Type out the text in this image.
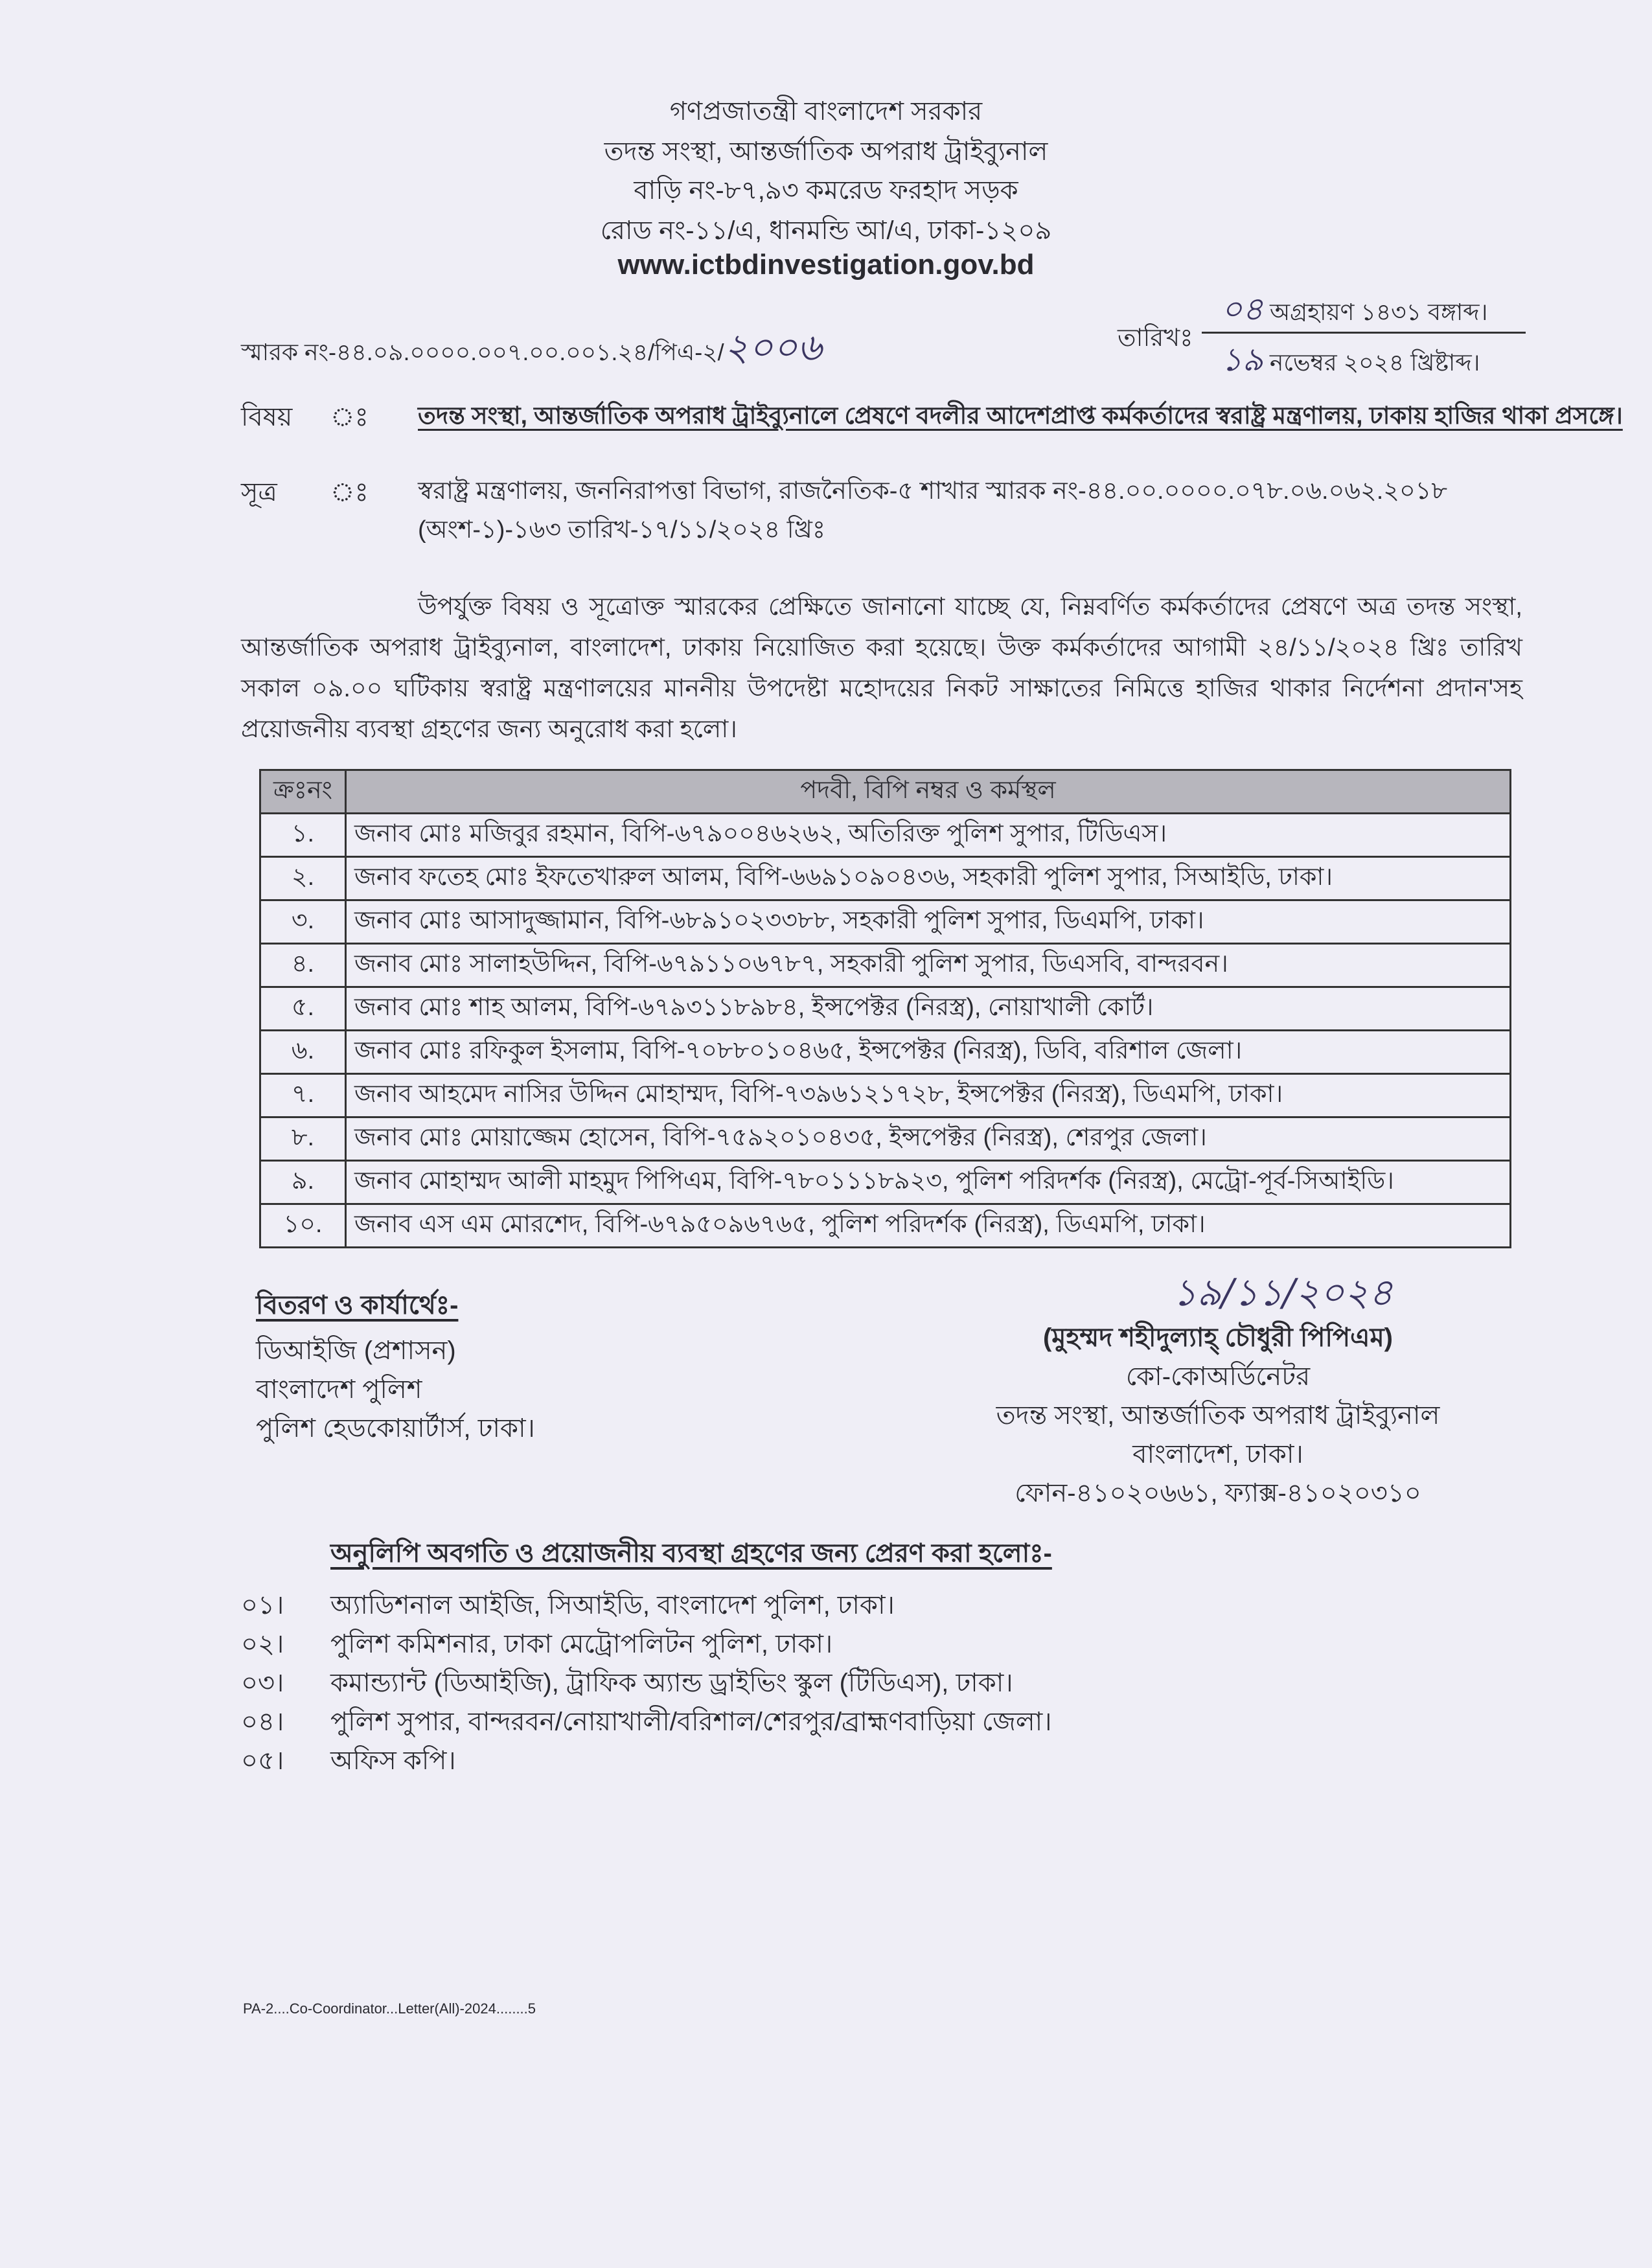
গণপ্রজাতন্ত্রী বাংলাদেশ সরকার
তদন্ত সংস্থা, আন্তর্জাতিক অপরাধ ট্রাইব্যুনাল
বাড়ি নং-৮৭,৯৩ কমরেড ফরহাদ সড়ক
রোড নং-১১/এ, ধানমন্ডি আ/এ, ঢাকা-১২০৯
www.ictbdinvestigation.gov.bd
স্মারক নং-৪৪.০৯.০০০০.০০৭.০০.০০১.২৪/পিএ-২/২০০৬	তারিখঃ
০৪ অগ্রহায়ণ ১৪৩১ বঙ্গাব্দ।
১৯ নভেম্বর ২০২৪ খ্রিষ্টাব্দ।
বিষয় ঃ তদন্ত সংস্থা, আন্তর্জাতিক অপরাধ ট্রাইব্যুনালে প্রেষণে বদলীর আদেশপ্রাপ্ত কর্মকর্তাদের স্বরাষ্ট্র মন্ত্রণালয়, ঢাকায় হাজির থাকা প্রসঙ্গে।
সূত্র ঃ স্বরাষ্ট্র মন্ত্রণালয়, জননিরাপত্তা বিভাগ, রাজনৈতিক-৫ শাখার স্মারক নং-৪৪.০০.০০০০.০৭৮.০৬.০৬২.২০১৮
(অংশ-১)-১৬৩ তারিখ-১৭/১১/২০২৪ খ্রিঃ
উপর্যুক্ত বিষয় ও সূত্রোক্ত স্মারকের প্রেক্ষিতে জানানো যাচ্ছে যে, নিম্নবর্ণিত কর্মকর্তাদের প্রেষণে অত্র তদন্ত সংস্থা, আন্তর্জাতিক অপরাধ ট্রাইব্যুনাল, বাংলাদেশ, ঢাকায় নিয়োজিত করা হয়েছে। উক্ত কর্মকর্তাদের আগামী ২৪/১১/২০২৪ খ্রিঃ তারিখ সকাল ০৯.০০ ঘটিকায় স্বরাষ্ট্র মন্ত্রণালয়ের মাননীয় উপদেষ্টা মহোদয়ের নিকট সাক্ষাতের নিমিত্তে হাজির থাকার নির্দেশনা প্রদান'সহ প্রয়োজনীয় ব্যবস্থা গ্রহণের জন্য অনুরোধ করা হলো।
ক্রঃনং	পদবী, বিপি নম্বর ও কর্মস্থল
১.	জনাব মোঃ মজিবুর রহমান, বিপি-৬৭৯০০৪৬২৬২, অতিরিক্ত পুলিশ সুপার, টিডিএস।
২.	জনাব ফতেহ মোঃ ইফতেখারুল আলম, বিপি-৬৬৯১০৯০৪৩৬, সহকারী পুলিশ সুপার, সিআইডি, ঢাকা।
৩.	জনাব মোঃ আসাদুজ্জামান, বিপি-৬৮৯১০২৩৩৮৮, সহকারী পুলিশ সুপার, ডিএমপি, ঢাকা।
৪.	জনাব মোঃ সালাহউদ্দিন, বিপি-৬৭৯১১০৬৭৮৭, সহকারী পুলিশ সুপার, ডিএসবি, বান্দরবন।
৫.	জনাব মোঃ শাহ আলম, বিপি-৬৭৯৩১১৮৯৮৪, ইন্সপেক্টর (নিরস্ত্র), নোয়াখালী কোর্ট।
৬.	জনাব মোঃ রফিকুল ইসলাম, বিপি-৭০৮৮০১০৪৬৫, ইন্সপেক্টর (নিরস্ত্র), ডিবি, বরিশাল জেলা।
৭.	জনাব আহমেদ নাসির উদ্দিন মোহাম্মদ, বিপি-৭৩৯৬১২১৭২৮, ইন্সপেক্টর (নিরস্ত্র), ডিএমপি, ঢাকা।
৮.	জনাব মোঃ মোয়াজ্জেম হোসেন, বিপি-৭৫৯২০১০৪৩৫, ইন্সপেক্টর (নিরস্ত্র), শেরপুর জেলা।
৯.	জনাব মোহাম্মদ আলী মাহমুদ পিপিএম, বিপি-৭৮০১১১৮৯২৩, পুলিশ পরিদর্শক (নিরস্ত্র), মেট্রো-পূর্ব-সিআইডি।
১০.	জনাব এস এম মোরশেদ, বিপি-৬৭৯৫০৯৬৭৬৫, পুলিশ পরিদর্শক (নিরস্ত্র), ডিএমপি, ঢাকা।
বিতরণ ও কার্যার্থেঃ-
ডিআইজি (প্রশাসন)
বাংলাদেশ পুলিশ
পুলিশ হেডকোয়ার্টার্স, ঢাকা।
১৯/১১/২০২৪
(মুহম্মদ শহীদুল্যাহ্ চৌধুরী পিপিএম)
কো-কোঅর্ডিনেটর
তদন্ত সংস্থা, আন্তর্জাতিক অপরাধ ট্রাইব্যুনাল
বাংলাদেশ, ঢাকা।
ফোন-৪১০২০৬৬১, ফ্যাক্স-৪১০২০৩১০
অনুলিপি অবগতি ও প্রয়োজনীয় ব্যবস্থা গ্রহণের জন্য প্রেরণ করা হলোঃ-
০১।	অ্যাডিশনাল আইজি, সিআইডি, বাংলাদেশ পুলিশ, ঢাকা।
০২।	পুলিশ কমিশনার, ঢাকা মেট্রোপলিটন পুলিশ, ঢাকা।
০৩।	কমান্ড্যান্ট (ডিআইজি), ট্রাফিক অ্যান্ড ড্রাইভিং স্কুল (টিডিএস), ঢাকা।
০৪।	পুলিশ সুপার, বান্দরবন/নোয়াখালী/বরিশাল/শেরপুর/ব্রাহ্মণবাড়িয়া জেলা।
০৫।	অফিস কপি।
PA-2....Co-Coordinator...Letter(All)-2024........5
